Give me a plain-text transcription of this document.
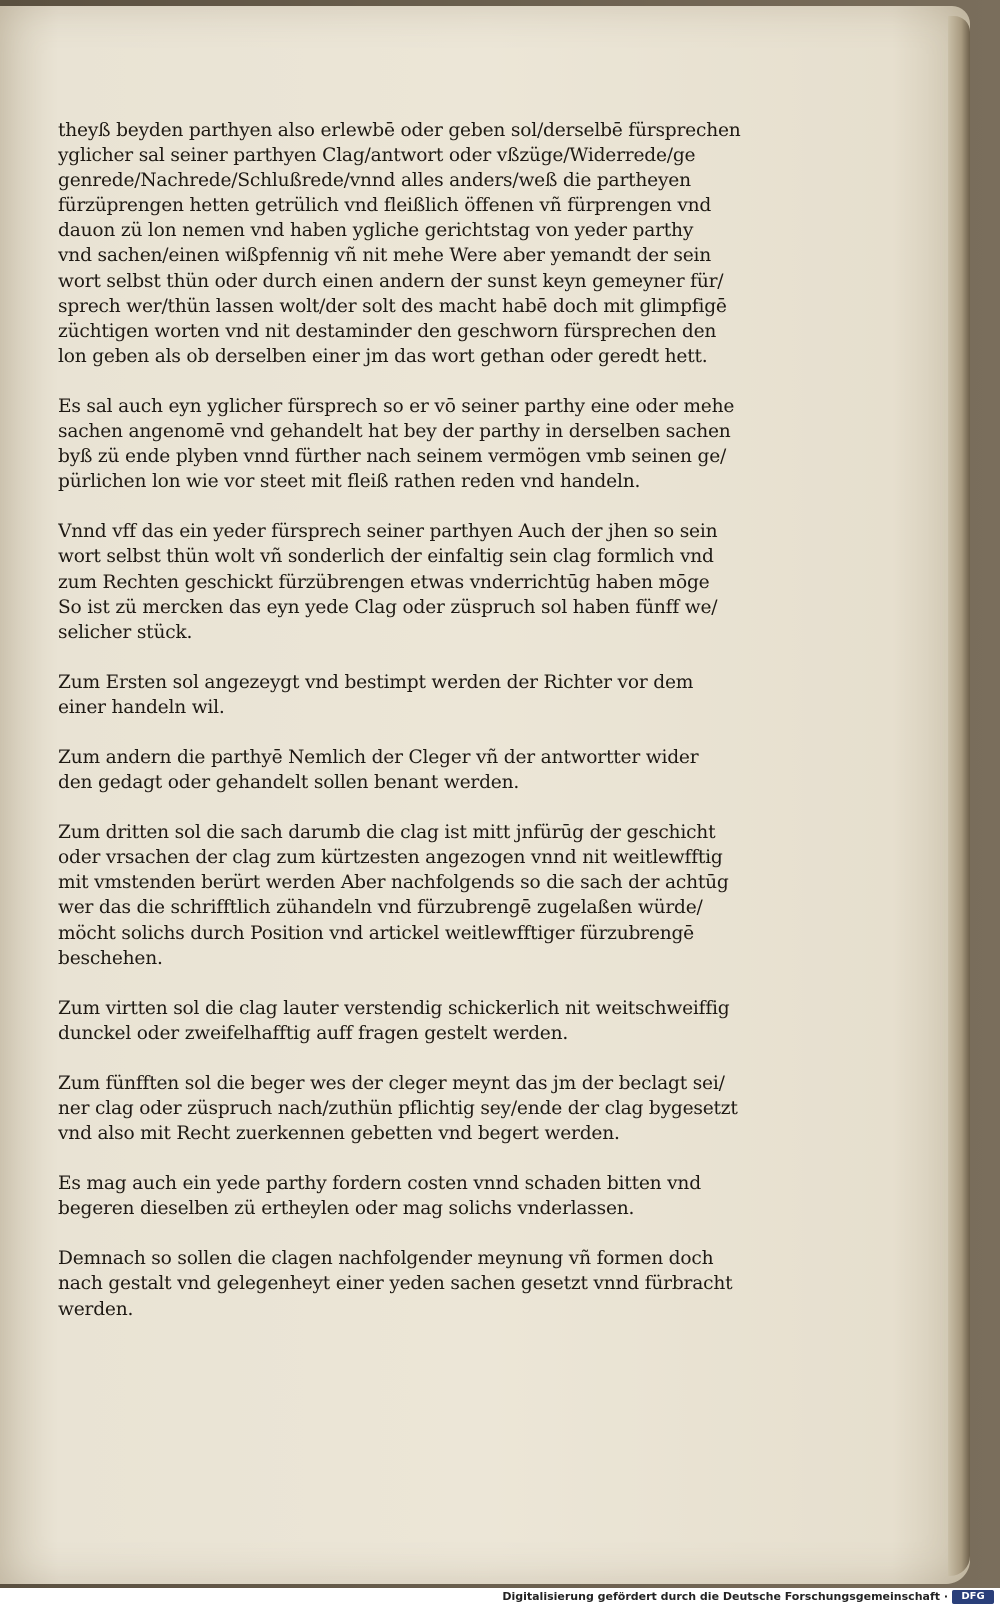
theyß beyden parthyen also erlewbē oder geben sol/derselbē fürsprechen
yglicher sal seiner parthyen Clag/antwort oder vßzüge/Widerrede/ge
genrede/Nachrede/Schlußrede/vnnd alles anders/weß die partheyen
fürzüprengen hetten getrülich vnd fleißlich öffenen vñ fürprengen vnd
dauon zü lon nemen vnd haben ygliche gerichtstag von yeder parthy
vnd sachen/einen wißpfennig vñ nit mehe Were aber yemandt der sein
wort selbst thün oder durch einen andern der sunst keyn gemeyner für/
sprech wer/thün lassen wolt/der solt des macht habē doch mit glimpfigē
züchtigen worten vnd nit destaminder den geschworn fürsprechen den
lon geben als ob derselben einer jm das wort gethan oder geredt hett.

Es sal auch eyn yglicher fürsprech so er vō seiner parthy eine oder mehe
sachen angenomē vnd gehandelt hat bey der parthy in derselben sachen
byß zü ende plyben vnnd fürther nach seinem vermögen vmb seinen ge/
pürlichen lon wie vor steet mit fleiß rathen reden vnd handeln.

Vnnd vff das ein yeder fürsprech seiner parthyen Auch der jhen so sein
wort selbst thün wolt vñ sonderlich der einfaltig sein clag formlich vnd
zum Rechten geschickt fürzübrengen etwas vnderrichtūg haben mōge
So ist zü mercken das eyn yede Clag oder züspruch sol haben fünff we/
selicher stück.

Zum Ersten sol angezeygt vnd bestimpt werden der Richter vor dem
einer handeln wil.

Zum andern die parthyē Nemlich der Cleger vñ der antwortter wider
den gedagt oder gehandelt sollen benant werden.

Zum dritten sol die sach darumb die clag ist mitt jnfürūg der geschicht
oder vrsachen der clag zum kürtzesten angezogen vnnd nit weitlewfftig
mit vmstenden berürt werden Aber nachfolgends so die sach der achtūg
wer das die schrifftlich zühandeln vnd fürzubrengē zugelaßen würde/
möcht solichs durch Position vnd artickel weitlewfftiger fürzubrengē
beschehen.

Zum virtten sol die clag lauter verstendig schickerlich nit weitschweiffig
dunckel oder zweifelhafftig auff fragen gestelt werden.

Zum fünfften sol die beger wes der cleger meynt das jm der beclagt sei/
ner clag oder züspruch nach/zuthün pflichtig sey/ende der clag bygesetzt
vnd also mit Recht zuerkennen gebetten vnd begert werden.

Es mag auch ein yede parthy fordern costen vnnd schaden bitten vnd
begeren dieselben zü ertheylen oder mag solichs vnderlassen.

Demnach so sollen die clagen nachfolgender meynung vñ formen doch
nach gestalt vnd gelegenheyt einer yeden sachen gesetzt vnnd fürbracht
werden.

Digitalisierung gefördert durch die Deutsche Forschungsgemeinschaft ·	DFG
